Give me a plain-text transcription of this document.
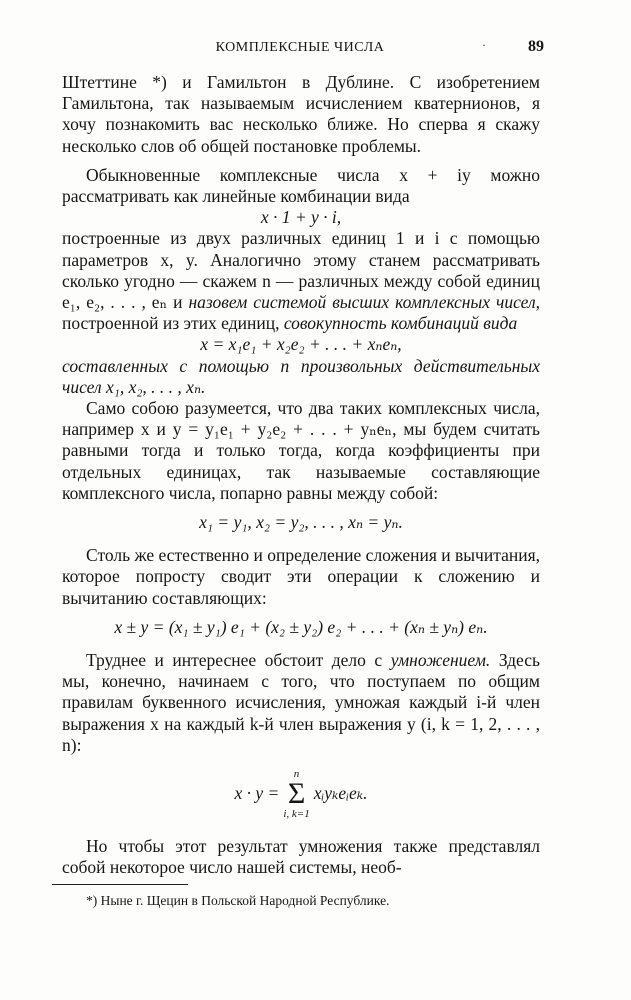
КОМПЛЕКСНЫЕ ЧИСЛА	·	89

Штеттине *) и Гамильтон в Дублине. С изобретением Гамильтона, так называемым исчислением кватернионов, я хочу познакомить вас несколько ближе. Но сперва я скажу несколько слов об общей постановке проблемы.

Обыкновенные комплексные числа x + iy можно рассматривать как линейные комбинации вида

x · 1 + y · i,

построенные из двух различных единиц 1 и i с помощью параметров x, y. Аналогично этому станем рассматривать сколько угодно — скажем n — различных между собой единиц e₁, e₂, . . . , eₙ и назовем системой высших комплексных чисел, построенной из этих единиц, совокупность комбинаций вида

x = x₁e₁ + x₂e₂ + . . . + xₙeₙ,

составленных с помощью n произвольных действительных чисел x₁, x₂, . . . , xₙ.

Само собою разумеется, что два таких комплексных числа, например x и y = y₁e₁ + y₂e₂ + . . . + yₙeₙ, мы будем считать равными тогда и только тогда, когда коэффициенты при отдельных единицах, так называемые составляющие комплексного числа, попарно равны между собой:

x₁ = y₁, x₂ = y₂, . . . , xₙ = yₙ.

Столь же естественно и определение сложения и вычитания, которое попросту сводит эти операции к сложению и вычитанию составляющих:

x ± y = (x₁ ± y₁) e₁ + (x₂ ± y₂) e₂ + . . . + (xₙ ± yₙ) eₙ.

Труднее и интереснее обстоит дело с умножением. Здесь мы, конечно, начинаем с того, что поступаем по общим правилам буквенного исчисления, умножая каждый i-й член выражения x на каждый k-й член выражения y (i, k = 1, 2, . . . , n):

x · y =
n
Σ
i, k=1
xᵢyₖeᵢeₖ.

Но чтобы этот результат умножения также представлял собой некоторое число нашей системы, необ-

*) Ныне г. Щецин в Польской Народной Республике.
